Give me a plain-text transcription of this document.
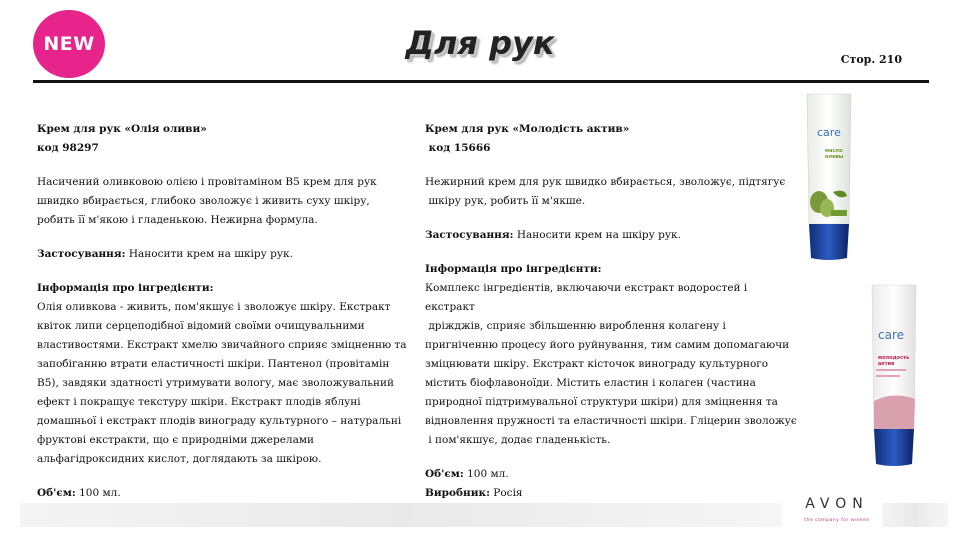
NEW	Для рук	Стор. 210

Крем для рук «Олія оливи»

код 98297

Насичений оливковою олією і провітаміном В5 крем для рук

швидко вбирається, глибоко зволожує і живить суху шкіру,

робить її м'якою і гладенькою. Нежирна формула.

Застосування: Наносити крем на шкіру рук.

Інформація про інгредієнти:

Олія оливкова - живить, пом'якшує і зволожує шкіру. Екстракт

квіток липи серцеподібної відомий своїми очищувальними

властивостями. Екстракт хмелю звичайного сприяє зміцненню та

запобіганню втрати еластичності шкіри. Пантенол (провітамін

В5), завдяки здатності утримувати вологу, має зволожувальний

ефект і покращує текстуру шкіри. Екстракт плодів яблуні

домашньої і екстракт плодів винограду культурного – натуральні

фруктові екстракти, що є природніми джерелами

альфагідроксидних кислот, доглядають за шкірою.

Об'єм: 100 мл.

Крем для рук «Молодість актив»

код 15666

Нежирний крем для рук швидко вбирається, зволожує, підтягує

шкіру рук, робить її м'якше.

Застосування: Наносити крем на шкіру рук.

Інформація про інгредієнти:

Комплекс інгредієнтів, включаючи екстракт водоростей і екстракт

дріжджів, сприяє збільшенню вироблення колагену і

пригніченню процесу його руйнування, тим самим допомагаючи

зміцнювати шкіру. Екстракт кісточок винограду культурного

містить біофлавоноїди. Містить еластин і колаген (частина

природної підтримувальної структури шкіри) для зміцнення та

відновлення пружності та еластичності шкіри. Гліцерин зволожує

і пом'якшує, додає гладенькість.

Об'єм: 100 мл.

Виробник: Росія

care
масло
оливы
care
молодость
актив
AVON
the company for women
